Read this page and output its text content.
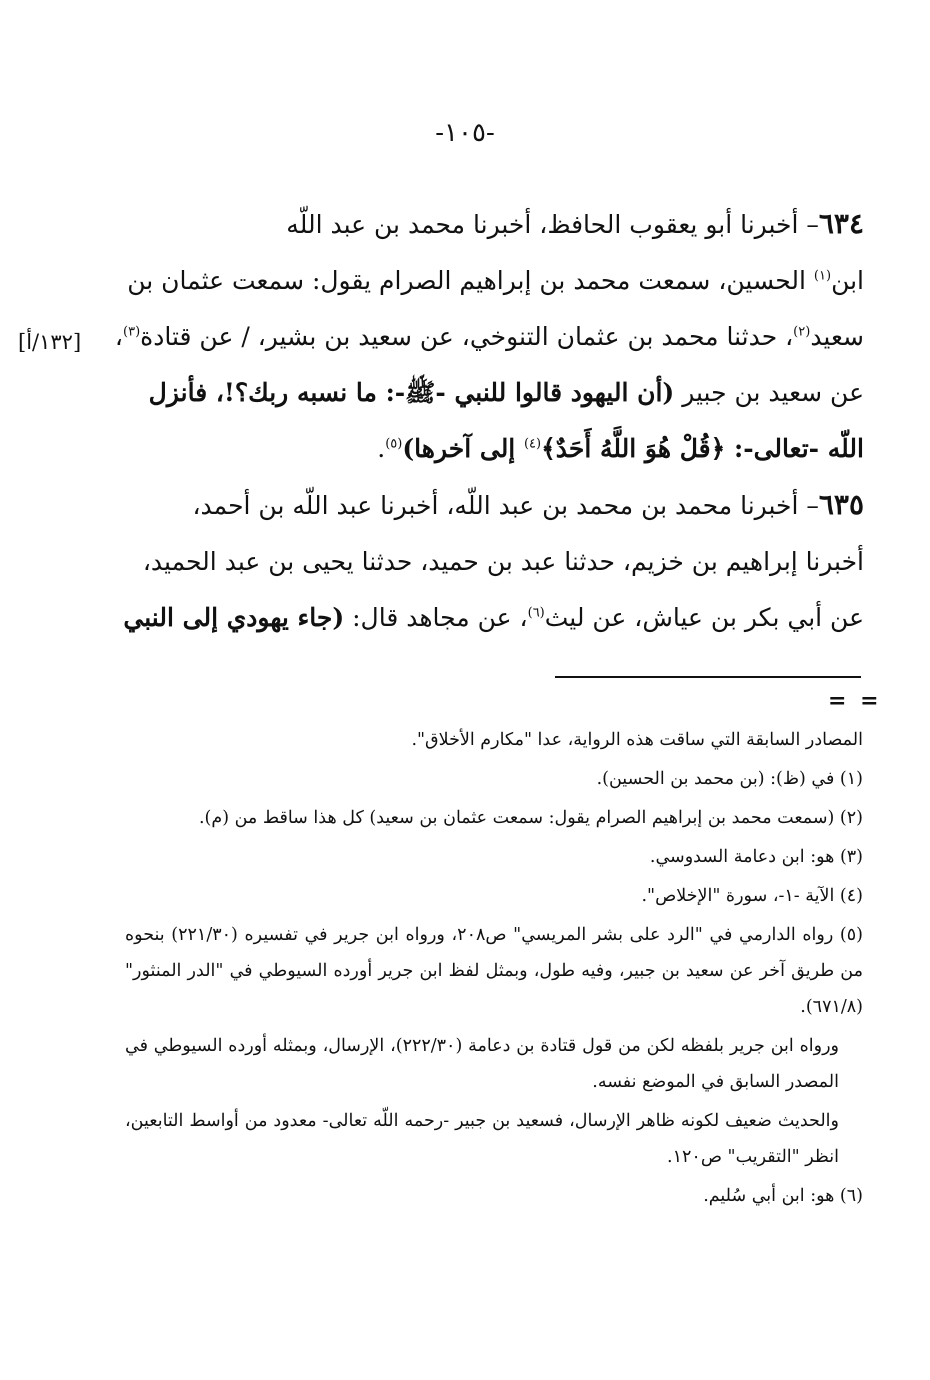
-١٠٥-
[١٣٢/أ]

٦٣٤– أخبرنا أبو يعقوب الحافظ، أخبرنا محمد بن عبد اللّه

ابن$^{(١)}$ الحسين، سمعت محمد بن إبراهيم الصرام يقول: سمعت عثمان بن

سعيد$^{(٢)}$، حدثنا محمد بن عثمان التنوخي، عن سعيد بن بشير، / عن قتادة$^{(٣)}$،

عن سعيد بن جبير (أن اليهود قالوا للنبي -ﷺ-: ما نسبه ربك؟!، فأنزل

اللّه -تعالى-: ﴿قُلْ هُوَ اللَّهُ أَحَدٌ﴾$^{(٤)}$ إلى آخرها)$^{(٥)}$.

٦٣٥– أخبرنا محمد بن محمد بن عبد اللّه، أخبرنا عبد اللّه بن أحمد،

أخبرنا إبراهيم بن خزيم، حدثنا عبد بن حميد، حدثنا يحيى بن عبد الحميد،

عن أبي بكر بن عياش، عن ليث$^{(٦)}$، عن مجاهد قال: (جاء يهودي إلى النبي

= =

المصادر السابقة التي ساقت هذه الرواية، عدا "مكارم الأخلاق".

(١) في (ظ): (بن محمد بن الحسين).

(٢) (سمعت محمد بن إبراهيم الصرام يقول: سمعت عثمان بن سعيد) كل هذا ساقط من (م).

(٣) هو: ابن دعامة السدوسي.

(٤) الآية -١-، سورة "الإخلاص".

(٥) رواه الدارمي في "الرد على بشر المريسي" ص٢٠٨، ورواه ابن جرير في تفسيره (٢٢١/٣٠) بنحوه من طريق آخر عن سعيد بن جبير، وفيه طول، وبمثل لفظ ابن جرير أورده السيوطي في "الدر المنثور" (٦٧١/٨).

ورواه ابن جرير بلفظه لكن من قول قتادة بن دعامة (٢٢٢/٣٠)، الإرسال، وبمثله أورده السيوطي في المصدر السابق في الموضع نفسه.

والحديث ضعيف لكونه ظاهر الإرسال، فسعيد بن جبير -رحمه اللّه تعالى- معدود من أواسط التابعين، انظر "التقريب" ص١٢٠.

(٦) هو: ابن أبي سُليم.
